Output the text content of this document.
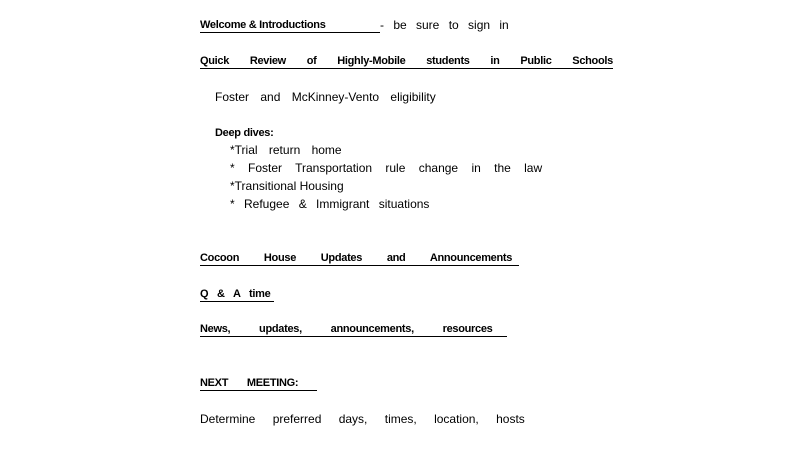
Welcome & Introductions	- be sure to sign in
Quick Review of Highly-Mobile students in Public Schools
Foster and McKinney-Vento eligibility
Deep dives:
*Trial return home
* Foster Transportation rule change in the law
*Transitional Housing
* Refugee & Immigrant situations
Cocoon House Updates and Announcements
Q & A time
News, updates, announcements, resources
NEXT MEETING:
Determine preferred days, times, location, hosts
